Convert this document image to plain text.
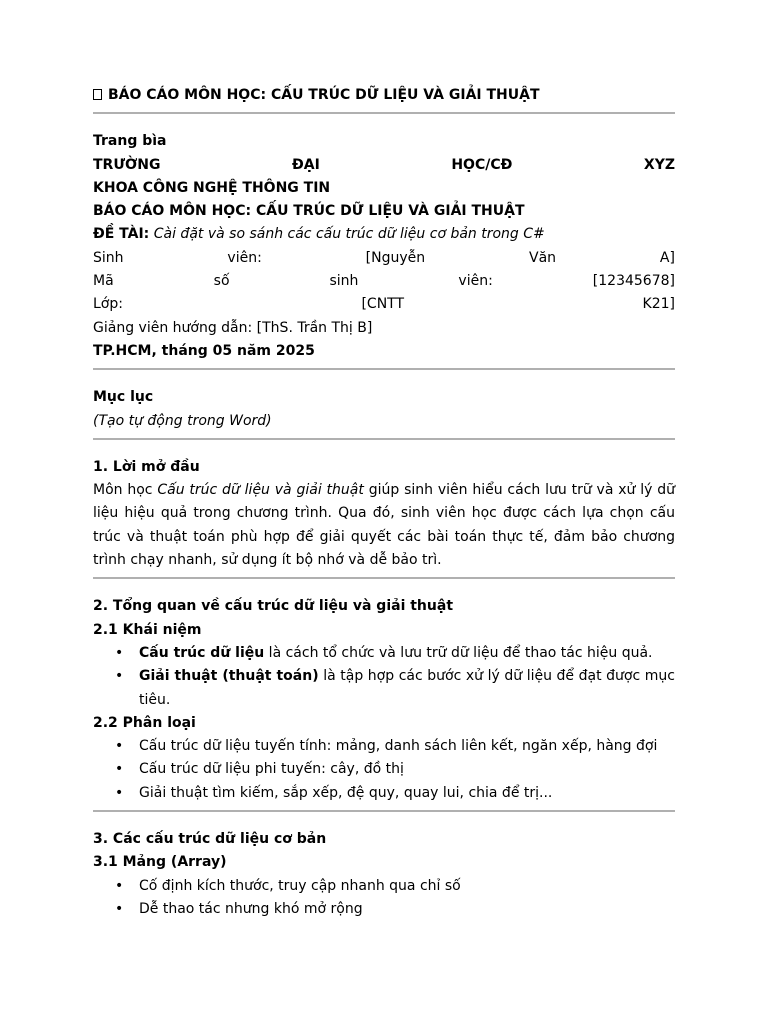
BÁO CÁO MÔN HỌC: CẤU TRÚC DỮ LIỆU VÀ GIẢI THUẬT
Trang bìa
TRƯỜNG	ĐẠI	HỌC/CĐ	XYZ
KHOA CÔNG NGHỆ THÔNG TIN
BÁO CÁO MÔN HỌC: CẤU TRÚC DỮ LIỆU VÀ GIẢI THUẬT
ĐỀ TÀI: Cài đặt và so sánh các cấu trúc dữ liệu cơ bản trong C#
Sinh	viên:	[Nguyễn	Văn	A]
Mã	số	sinh	viên:	[12345678]
Lớp:	[CNTT	K21]
Giảng viên hướng dẫn: [ThS. Trần Thị B]
TP.HCM, tháng 05 năm 2025
Mục lục
(Tạo tự động trong Word)
1. Lời mở đầu

Môn học Cấu trúc dữ liệu và giải thuật giúp sinh viên hiểu cách lưu trữ và xử lý dữ liệu hiệu quả trong chương trình. Qua đó, sinh viên học được cách lựa chọn cấu trúc và thuật toán phù hợp để giải quyết các bài toán thực tế, đảm bảo chương trình chạy nhanh, sử dụng ít bộ nhớ và dễ bảo trì.

2. Tổng quan về cấu trúc dữ liệu và giải thuật
2.1 Khái niệm
• Cấu trúc dữ liệu là cách tổ chức và lưu trữ dữ liệu để thao tác hiệu quả.
• Giải thuật (thuật toán) là tập hợp các bước xử lý dữ liệu để đạt được mục tiêu.
2.2 Phân loại
• Cấu trúc dữ liệu tuyến tính: mảng, danh sách liên kết, ngăn xếp, hàng đợi
• Cấu trúc dữ liệu phi tuyến: cây, đồ thị
• Giải thuật tìm kiếm, sắp xếp, đệ quy, quay lui, chia để trị...
3. Các cấu trúc dữ liệu cơ bản
3.1 Mảng (Array)
• Cố định kích thước, truy cập nhanh qua chỉ số
• Dễ thao tác nhưng khó mở rộng
